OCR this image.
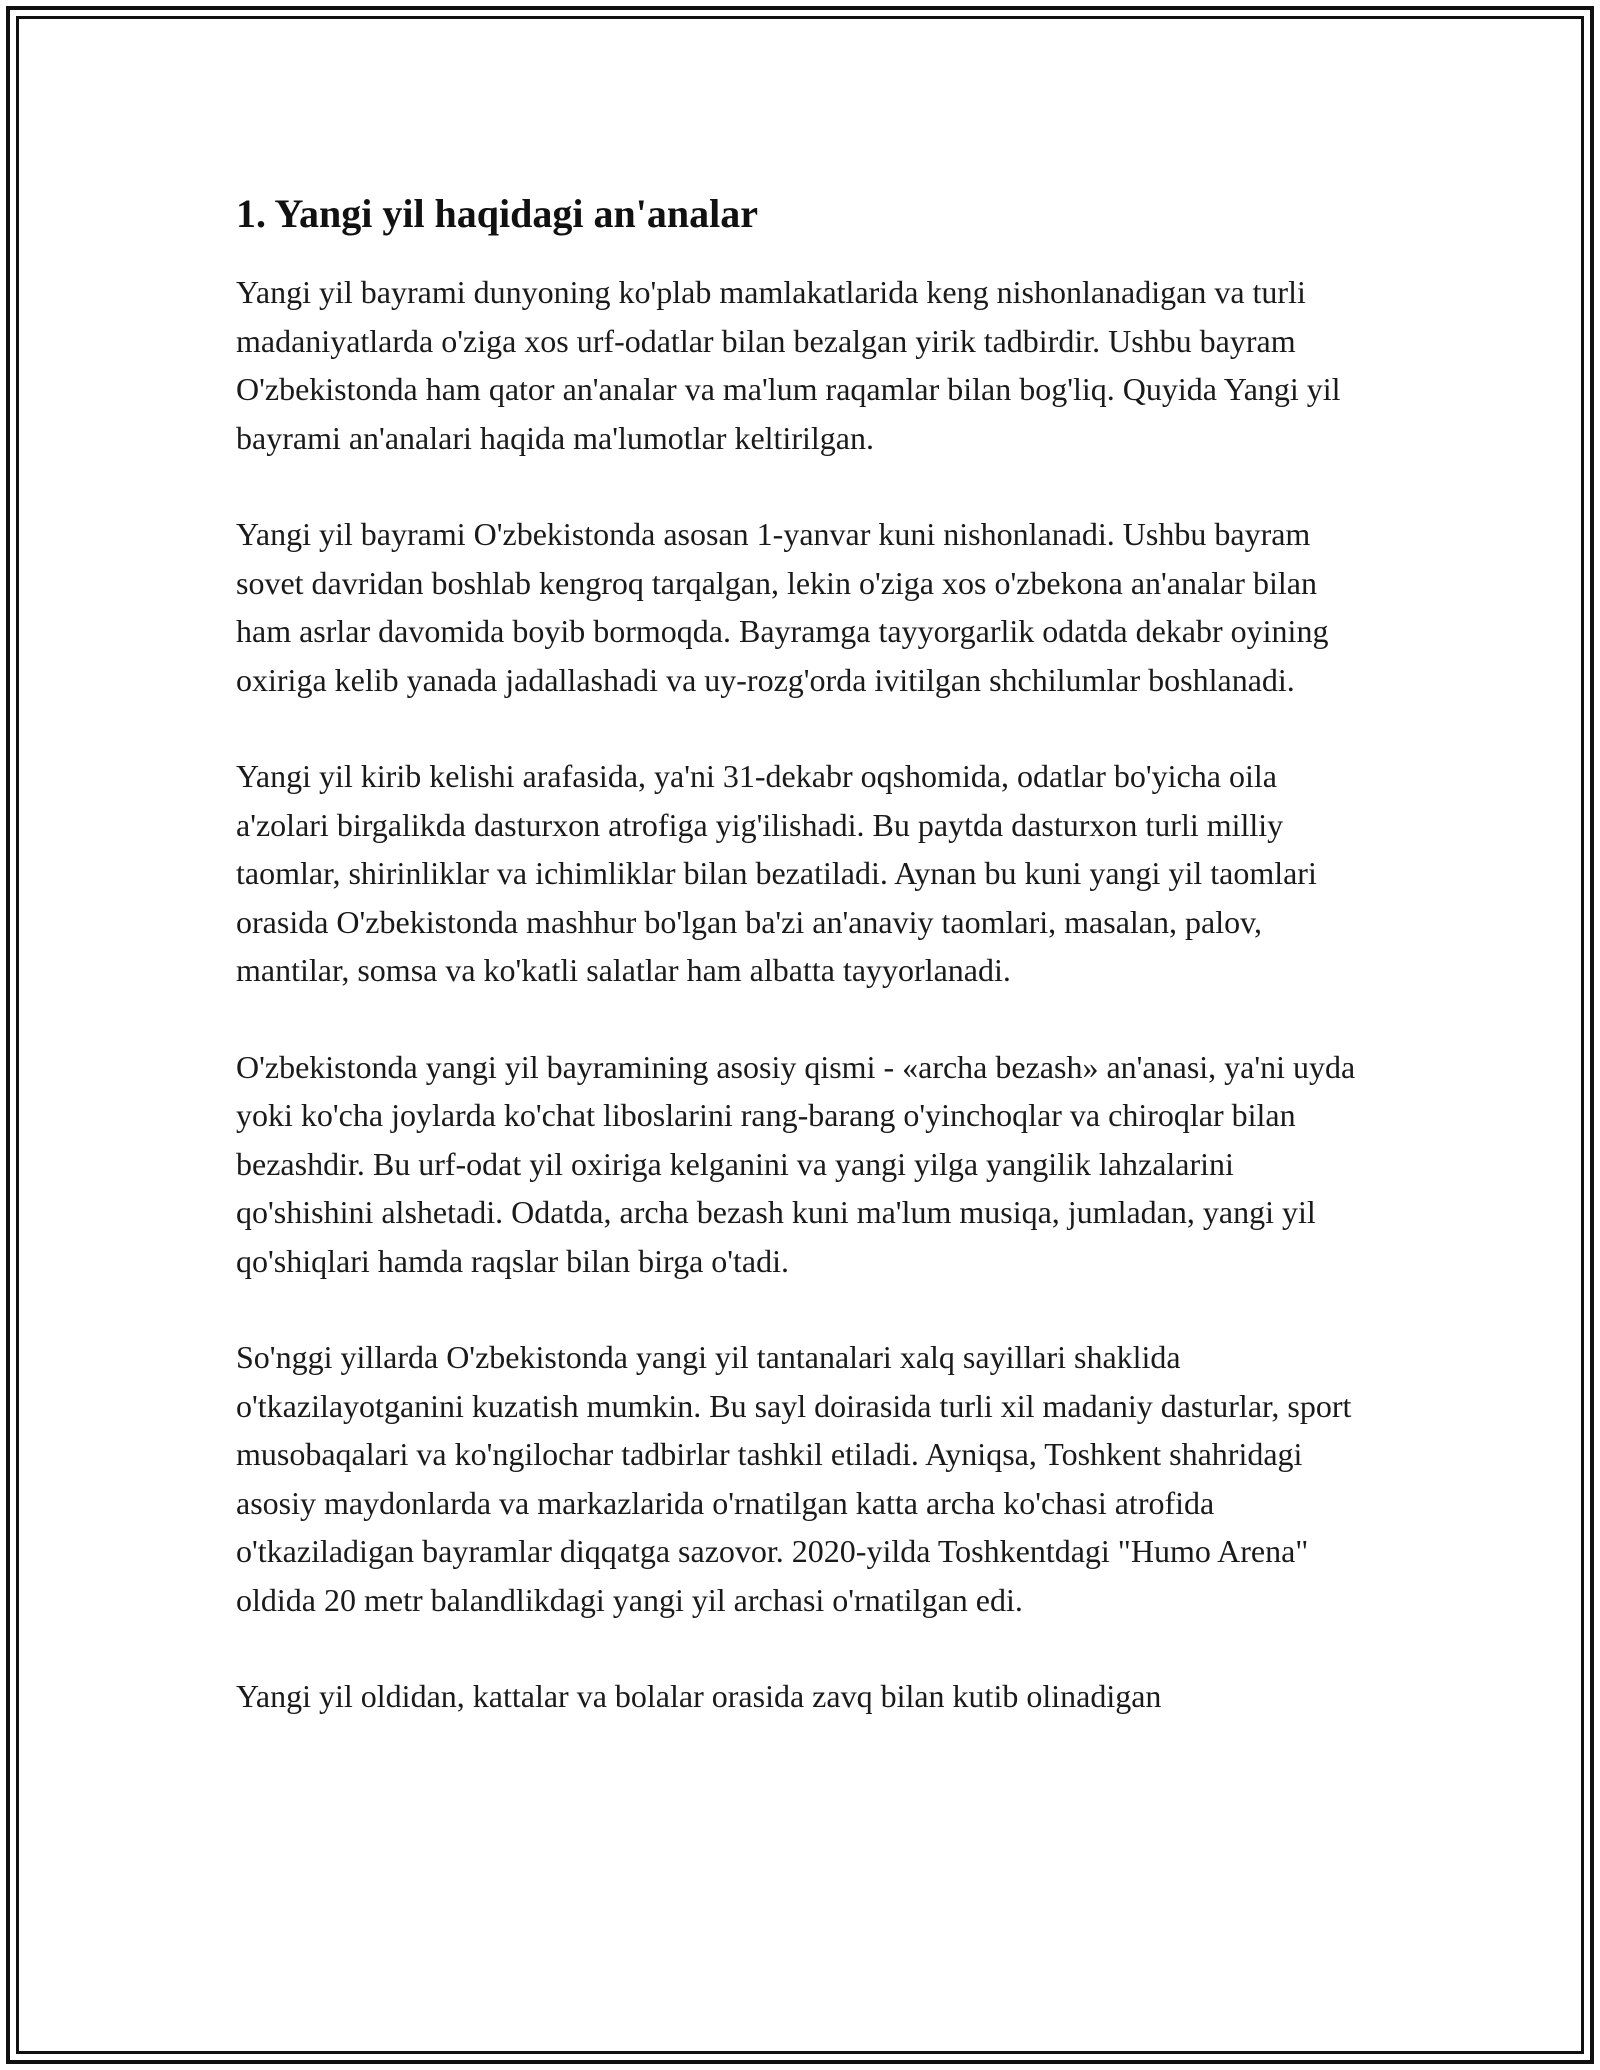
1. Yangi yil haqidagi an'analar

Yangi yil bayrami dunyoning ko'plab mamlakatlarida keng nishonlanadigan va turli madaniyatlarda o'ziga xos urf-odatlar bilan bezalgan yirik tadbirdir. Ushbu bayram O'zbekistonda ham qator an'analar va ma'lum raqamlar bilan bog'liq. Quyida Yangi yil bayrami an'analari haqida ma'lumotlar keltirilgan.

Yangi yil bayrami O'zbekistonda asosan 1-yanvar kuni nishonlanadi. Ushbu bayram sovet davridan boshlab kengroq tarqalgan, lekin o'ziga xos o'zbekona an'analar bilan ham asrlar davomida boyib bormoqda. Bayramga tayyorgarlik odatda dekabr oyining oxiriga kelib yanada jadallashadi va uy-rozg'orda ivitilgan shchilumlar boshlanadi.

Yangi yil kirib kelishi arafasida, ya'ni 31-dekabr oqshomida, odatlar bo'yicha oila a'zolari birgalikda dasturxon atrofiga yig'ilishadi. Bu paytda dasturxon turli milliy taomlar, shirinliklar va ichimliklar bilan bezatiladi. Aynan bu kuni yangi yil taomlari orasida O'zbekistonda mashhur bo'lgan ba'zi an'anaviy taomlari, masalan, palov, mantilar, somsa va ko'katli salatlar ham albatta tayyorlanadi.

O'zbekistonda yangi yil bayramining asosiy qismi - «archa bezash» an'anasi, ya'ni uyda yoki ko'cha joylarda ko'chat liboslarini rang-barang o'yinchoqlar va chiroqlar bilan bezashdir. Bu urf-odat yil oxiriga kelganini va yangi yilga yangilik lahzalarini qo'shishini alshetadi. Odatda, archa bezash kuni ma'lum musiqa, jumladan, yangi yil qo'shiqlari hamda raqslar bilan birga o'tadi.

So'nggi yillarda O'zbekistonda yangi yil tantanalari xalq sayillari shaklida o'tkazilayotganini kuzatish mumkin. Bu sayl doirasida turli xil madaniy dasturlar, sport musobaqalari va ko'ngilochar tadbirlar tashkil etiladi. Ayniqsa, Toshkent shahridagi asosiy maydonlarda va markazlarida o'rnatilgan katta archa ko'chasi atrofida o'tkaziladigan bayramlar diqqatga sazovor. 2020-yilda Toshkentdagi "Humo Arena" oldida 20 metr balandlikdagi yangi yil archasi o'rnatilgan edi.

Yangi yil oldidan, kattalar va bolalar orasida zavq bilan kutib olinadigan
